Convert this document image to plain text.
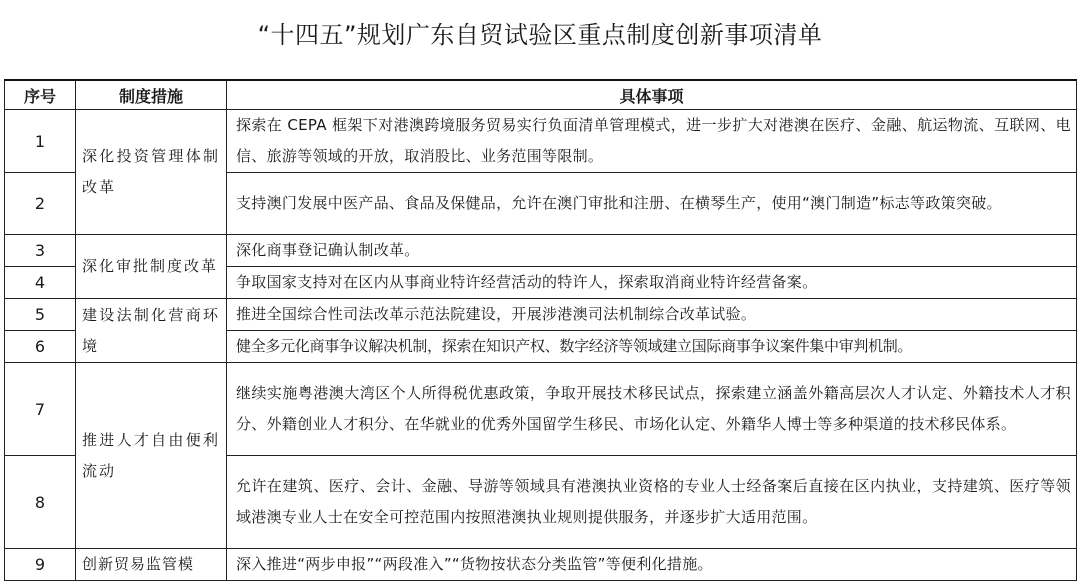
“十四五”规划广东自贸试验区重点制度创新事项清单
序号	制度措施	具体事项
1	深化投资管理体制改革	探索在 CEPA 框架下对港澳跨境服务贸易实行负面清单管理模式，进一步扩大对港澳在医疗、金融、航运物流、互联网、电信、旅游等领域的开放，取消股比、业务范围等限制。
2		支持澳门发展中医产品、食品及保健品，允许在澳门审批和注册、在横琴生产，使用“澳门制造”标志等政策突破。
3	深化审批制度改革	深化商事登记确认制改革。
4		争取国家支持对在区内从事商业特许经营活动的特许人，探索取消商业特许经营备案。
5	建设法制化营商环境	推进全国综合性司法改革示范法院建设，开展涉港澳司法机制综合改革试验。
6		健全多元化商事争议解决机制，探索在知识产权、数字经济等领域建立国际商事争议案件集中审判机制。
7	推进人才自由便利流动	继续实施粤港澳大湾区个人所得税优惠政策，争取开展技术移民试点，探索建立涵盖外籍高层次人才认定、外籍技术人才积分、外籍创业人才积分、在华就业的优秀外国留学生移民、市场化认定、外籍华人博士等多种渠道的技术移民体系。
8		允许在建筑、医疗、会计、金融、导游等领域具有港澳执业资格的专业人士经备案后直接在区内执业，支持建筑、医疗等领域港澳专业人士在安全可控范围内按照港澳执业规则提供服务，并逐步扩大适用范围。
9	创新贸易监管模	深入推进“两步申报”“两段准入”“货物按状态分类监管”等便利化措施。
